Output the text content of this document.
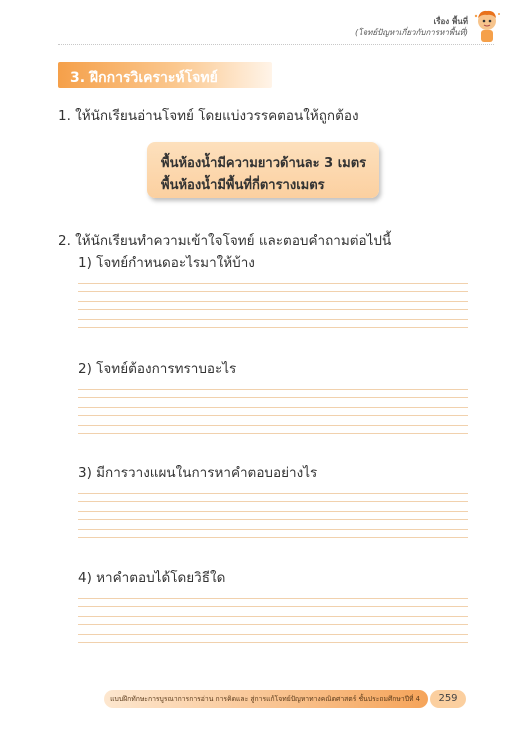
เรื่อง พื้นที่
(โจทย์ปัญหาเกี่ยวกับการหาพื้นที่)
3. ฝึกการวิเคราะห์โจทย์
1. ให้นักเรียนอ่านโจทย์ โดยแบ่งวรรคตอนให้ถูกต้อง
พื้นห้องน้ำมีความยาวด้านละ 3 เมตร
พื้นห้องน้ำมีพื้นที่กี่ตารางเมตร
2. ให้นักเรียนทำความเข้าใจโจทย์ และตอบคำถามต่อไปนี้
1) โจทย์กำหนดอะไรมาให้บ้าง
2) โจทย์ต้องการทราบอะไร
3) มีการวางแผนในการหาคำตอบอย่างไร
4) หาคำตอบได้โดยวิธีใด
แบบฝึกทักษะการบูรณาการการอ่าน การคิดและ สู่การแก้โจทย์ปัญหาทางคณิตศาสตร์ ชั้นประถมศึกษาปีที่ 4	259
